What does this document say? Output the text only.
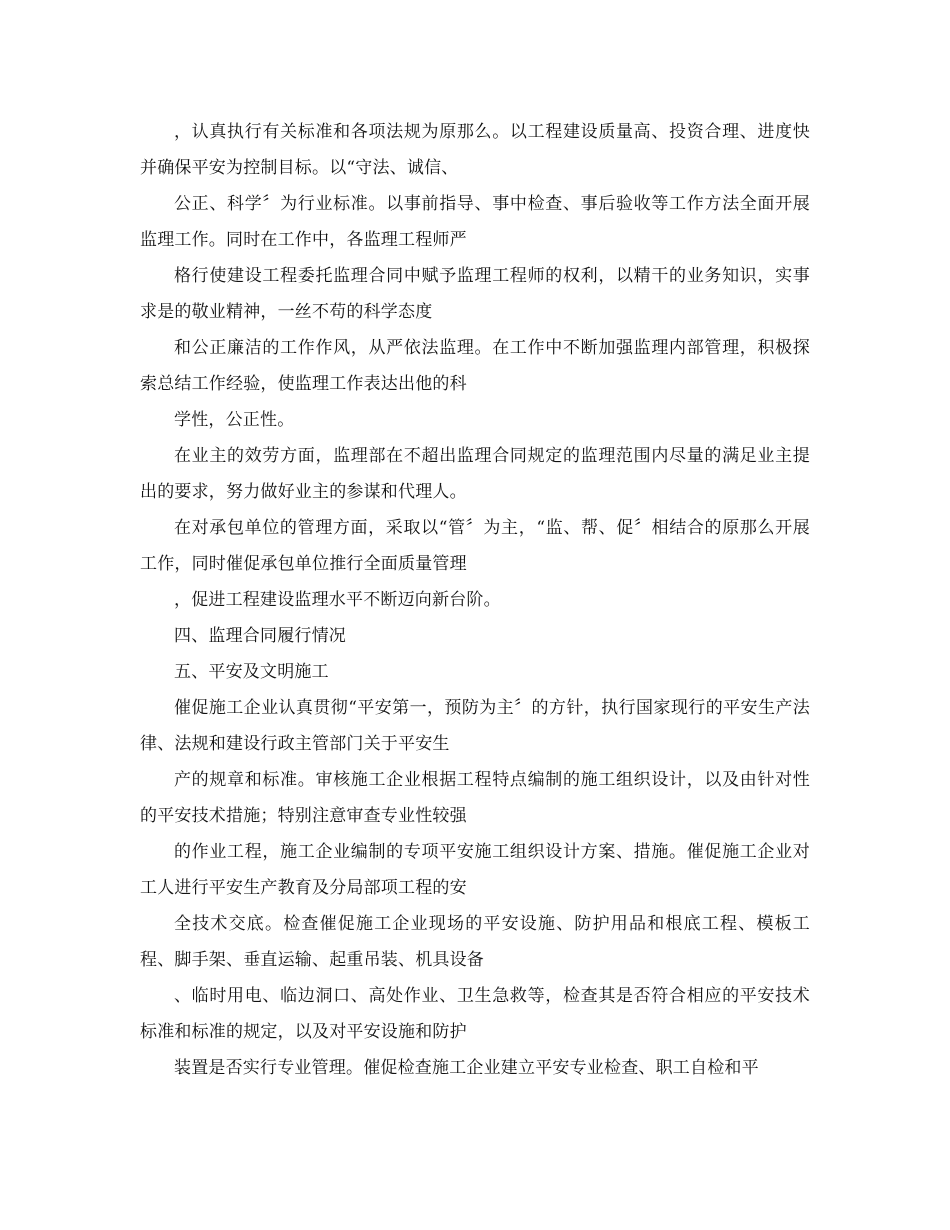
，认真执行有关标准和各项法规为原那么。以工程建设质量高、投资合理、进度快并确保平安为控制目标。以“守法、诚信、

公正、科学〞为行业标准。以事前指导、事中检查、事后验收等工作方法全面开展监理工作。同时在工作中，各监理工程师严

格行使建设工程委托监理合同中赋予监理工程师的权利，以精干的业务知识，实事求是的敬业精神，一丝不苟的科学态度

和公正廉洁的工作作风，从严依法监理。在工作中不断加强监理内部管理，积极探索总结工作经验，使监理工作表达出他的科

学性，公正性。

在业主的效劳方面，监理部在不超出监理合同规定的监理范围内尽量的满足业主提出的要求，努力做好业主的参谋和代理人。

在对承包单位的管理方面，采取以“管〞为主，“监、帮、促〞相结合的原那么开展工作，同时催促承包单位推行全面质量管理

，促进工程建设监理水平不断迈向新台阶。

四、监理合同履行情况

五、平安及文明施工

催促施工企业认真贯彻“平安第一，预防为主〞的方针，执行国家现行的平安生产法律、法规和建设行政主管部门关于平安生

产的规章和标准。审核施工企业根据工程特点编制的施工组织设计，以及由针对性的平安技术措施；特别注意审查专业性较强

的作业工程，施工企业编制的专项平安施工组织设计方案、措施。催促施工企业对工人进行平安生产教育及分局部项工程的安

全技术交底。检查催促施工企业现场的平安设施、防护用品和根底工程、模板工程、脚手架、垂直运输、起重吊装、机具设备

、临时用电、临边洞口、高处作业、卫生急救等，检查其是否符合相应的平安技术标准和标准的规定，以及对平安设施和防护

装置是否实行专业管理。催促检查施工企业建立平安专业检查、职工自检和平
